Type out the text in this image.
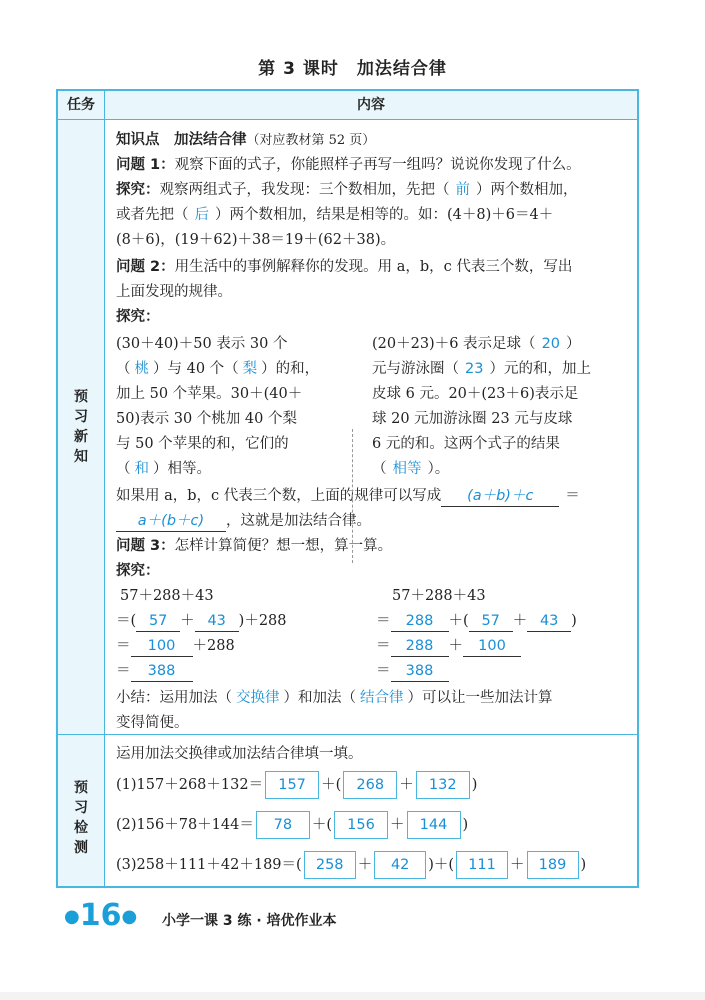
第 3 课时　加法结合律
任务	内容
预
习
新
知
预
习
检
测
知识点　 加法结合律（对应教材第 52 页）
问题 1：观察下面的式子，你能照样子再写一组吗？说说你发现了什么。
探究：观察两组式子，我发现：三个数相加，先把（ 前 ）两个数相加，
或者先把（ 后 ）两个数相加，结果是相等的。如：(4＋8)＋6＝4＋
(8＋6)，(19＋62)＋38＝19＋(62＋38)。
问题 2：用生活中的事例解释你的发现。用 a，b，c 代表三个数，写出
上面发现的规律。
探究：
(30＋40)＋50 表示 30 个
（ 桃 ）与 40 个（ 梨 ）的和，
加上 50 个苹果。30＋(40＋
50)表示 30 个桃加 40 个梨
与 50 个苹果的和，它们的
（ 和 ）相等。
(20＋23)＋6 表示足球（ 20 ）
元与游泳圈（ 23 ）元的和，加上
皮球 6 元。20＋(23＋6)表示足
球 20 元加游泳圈 23 元与皮球
6 元的和。这两个式子的结果
（ 相等 ）。
如果用 a，b，c 代表三个数，上面的规律可以写成 (a＋b)＋c ＝
a＋(b＋c) ，这就是加法结合律。
问题 3：怎样计算简便？想一想，算一算。
探究：
57＋288＋43
＝( 57 ＋ 43 )＋288
＝ 100 ＋288
＝ 388
57＋288＋43
＝ 288 ＋( 57 ＋ 43 )
＝ 288 ＋ 100
＝ 388
小结：运用加法（ 交换律 ）和加法（ 结合律 ）可以让一些加法计算
变得简便。
运用加法交换律或加法结合律填一填。
(1)157＋268＋132＝ 157 ＋( 268 ＋ 132 )
(2)156＋78＋144＝ 78 ＋( 156 ＋ 144 )
(3)258＋111＋42＋189＝( 258 ＋ 42 )＋( 111 ＋ 189 )
●16● 小学一课 3 练 · 培优作业本
